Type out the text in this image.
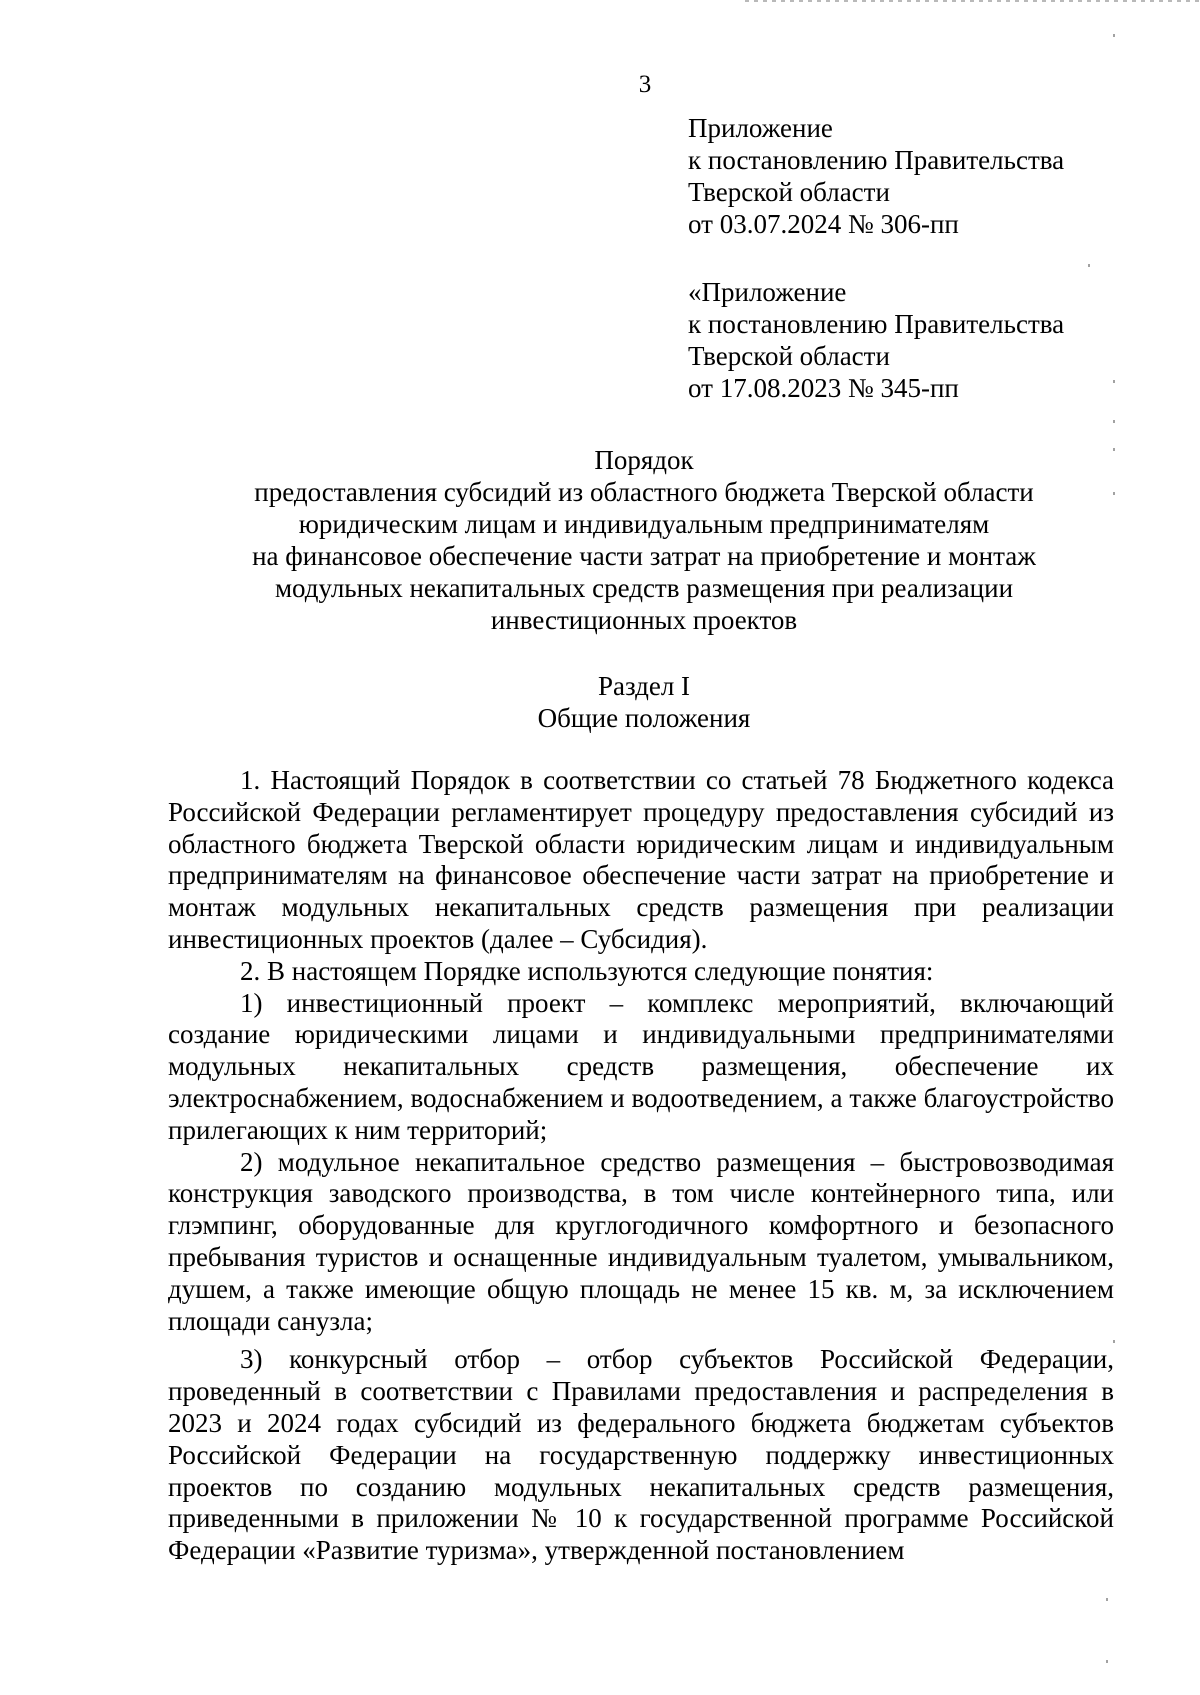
3
Приложение
к постановлению Правительства
Тверской области
от 03.07.2024 № 306-пп
«Приложение
к постановлению Правительства
Тверской области
от 17.08.2023 № 345-пп
Порядок
предоставления субсидий из областного бюджета Тверской области
юридическим лицам и индивидуальным предпринимателям
на финансовое обеспечение части затрат на приобретение и монтаж
модульных некапитальных средств размещения при реализации
инвестиционных проектов
Раздел I
Общие положения

1. Настоящий Порядок в соответствии со статьей 78 Бюджетного кодекса Российской Федерации регламентирует процедуру предоставления субсидий из областного бюджета Тверской области юридическим лицам и индивидуальным предпринимателям на финансовое обеспечение части затрат на приобретение и монтаж модульных некапитальных средств размещения при реализации инвестиционных проектов (далее – Субсидия).

2. В настоящем Порядке используются следующие понятия:

1) инвестиционный проект – комплекс мероприятий, включающий создание юридическими лицами и индивидуальными предпринимателями модульных некапитальных средств размещения, обеспечение их электроснабжением, водоснабжением и водоотведением, а также благоустройство прилегающих к ним территорий;

2) модульное некапитальное средство размещения – быстровозводимая конструкция заводского производства, в том числе контейнерного типа, или глэмпинг, оборудованные для круглогодичного комфортного и безопасного пребывания туристов и оснащенные индивидуальным туалетом, умывальником, душем, а также имеющие общую площадь не менее 15 кв. м, за исключением площади санузла;

3) конкурсный отбор – отбор субъектов Российской Федерации, проведенный в соответствии с Правилами предоставления и распределения в 2023 и 2024 годах субсидий из федерального бюджета бюджетам субъектов Российской Федерации на государственную поддержку инвестиционных проектов по созданию модульных некапитальных средств размещения, приведенными в приложении № 10 к государственной программе Российской Федерации «Развитие туризма», утвержденной постановлением
